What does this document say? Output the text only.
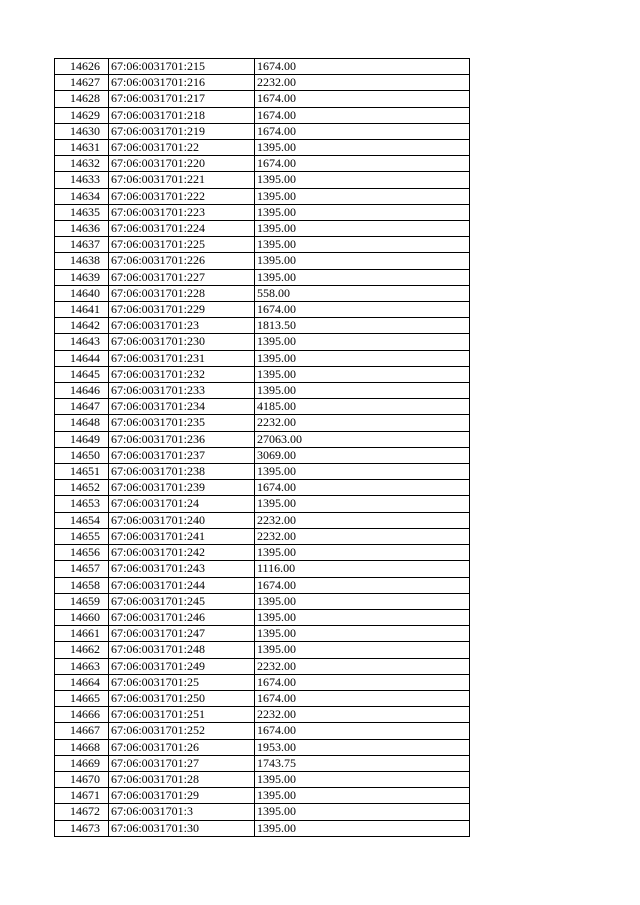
14626	67:06:0031701:215	1674.00
14627	67:06:0031701:216	2232.00
14628	67:06:0031701:217	1674.00
14629	67:06:0031701:218	1674.00
14630	67:06:0031701:219	1674.00
14631	67:06:0031701:22	1395.00
14632	67:06:0031701:220	1674.00
14633	67:06:0031701:221	1395.00
14634	67:06:0031701:222	1395.00
14635	67:06:0031701:223	1395.00
14636	67:06:0031701:224	1395.00
14637	67:06:0031701:225	1395.00
14638	67:06:0031701:226	1395.00
14639	67:06:0031701:227	1395.00
14640	67:06:0031701:228	558.00
14641	67:06:0031701:229	1674.00
14642	67:06:0031701:23	1813.50
14643	67:06:0031701:230	1395.00
14644	67:06:0031701:231	1395.00
14645	67:06:0031701:232	1395.00
14646	67:06:0031701:233	1395.00
14647	67:06:0031701:234	4185.00
14648	67:06:0031701:235	2232.00
14649	67:06:0031701:236	27063.00
14650	67:06:0031701:237	3069.00
14651	67:06:0031701:238	1395.00
14652	67:06:0031701:239	1674.00
14653	67:06:0031701:24	1395.00
14654	67:06:0031701:240	2232.00
14655	67:06:0031701:241	2232.00
14656	67:06:0031701:242	1395.00
14657	67:06:0031701:243	1116.00
14658	67:06:0031701:244	1674.00
14659	67:06:0031701:245	1395.00
14660	67:06:0031701:246	1395.00
14661	67:06:0031701:247	1395.00
14662	67:06:0031701:248	1395.00
14663	67:06:0031701:249	2232.00
14664	67:06:0031701:25	1674.00
14665	67:06:0031701:250	1674.00
14666	67:06:0031701:251	2232.00
14667	67:06:0031701:252	1674.00
14668	67:06:0031701:26	1953.00
14669	67:06:0031701:27	1743.75
14670	67:06:0031701:28	1395.00
14671	67:06:0031701:29	1395.00
14672	67:06:0031701:3	1395.00
14673	67:06:0031701:30	1395.00
